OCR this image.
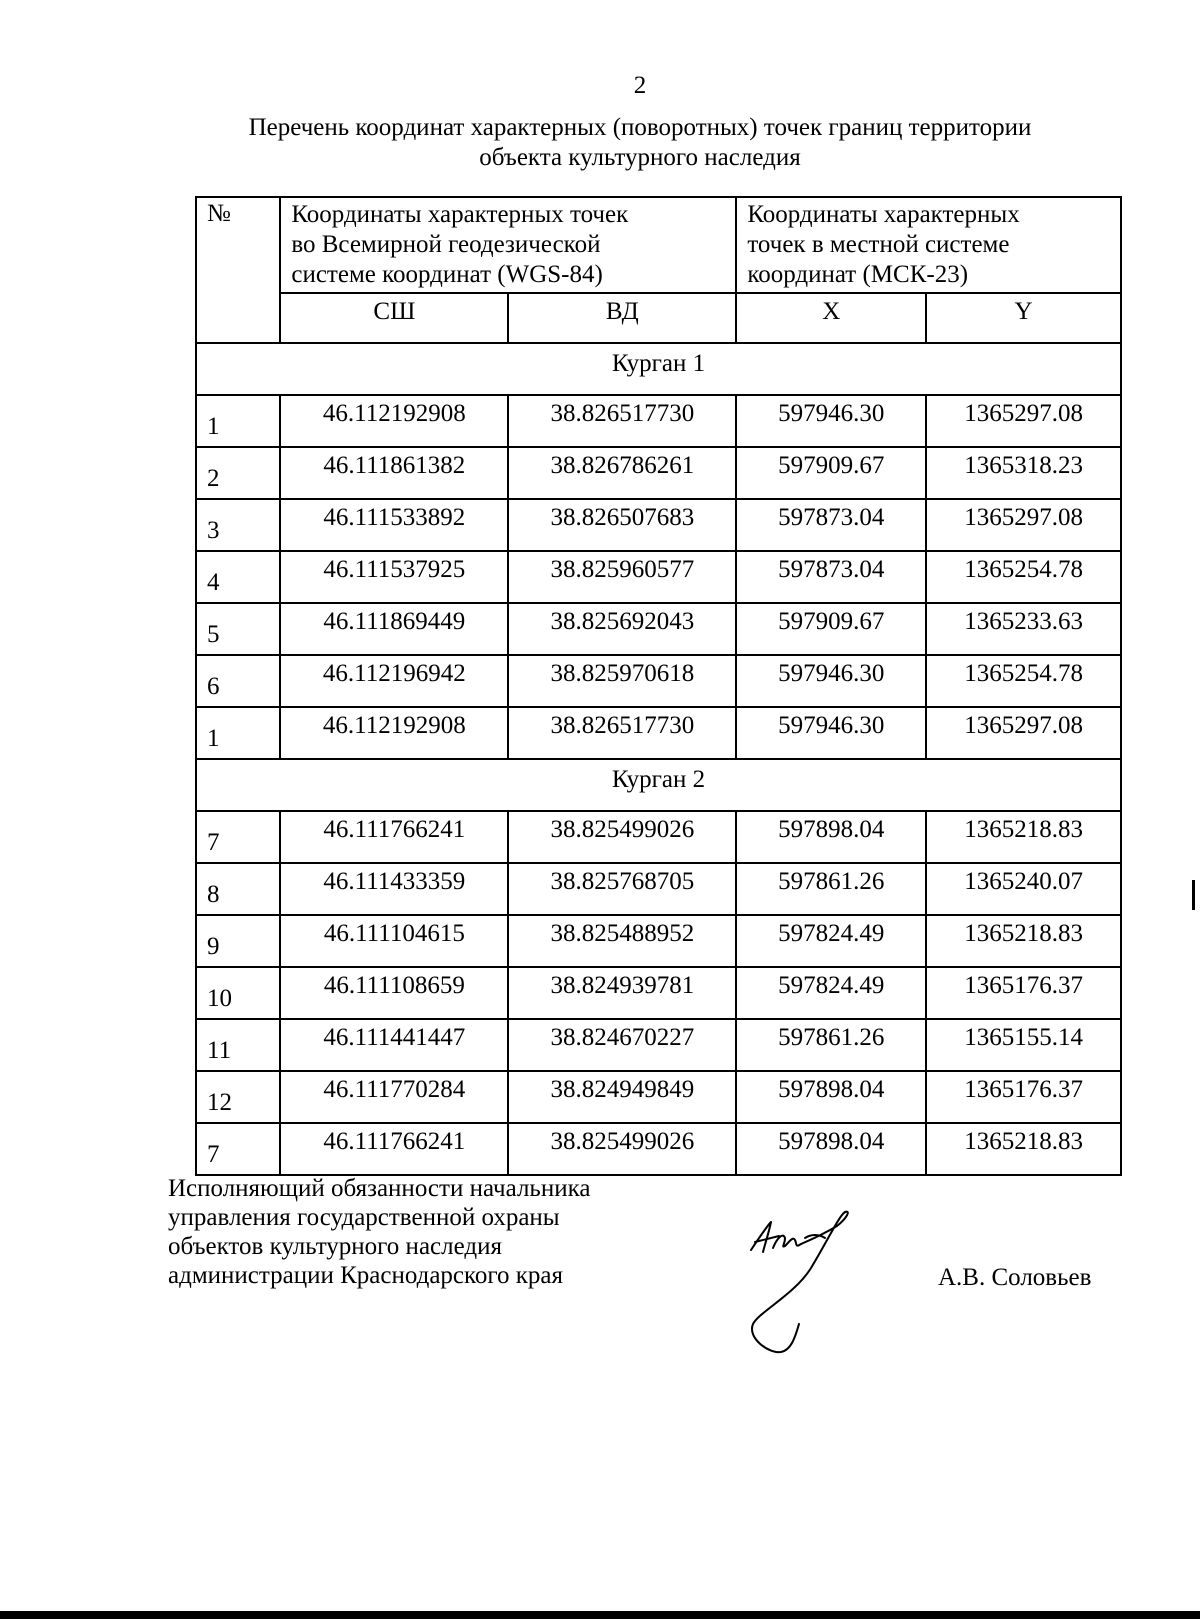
2
Перечень координат характерных (поворотных) точек границ территории
объекта культурного наследия
№	Координаты характерных точек
во Всемирной геодезической
системе координат (WGS-84)		Координаты характерных
точек в местной системе
координат (МСК-23)	

	СШ	ВД	X	Y
Курган 1				
1	46.112192908	38.826517730	597946.30	1365297.08
2	46.111861382	38.826786261	597909.67	1365318.23
3	46.111533892	38.826507683	597873.04	1365297.08
4	46.111537925	38.825960577	597873.04	1365254.78
5	46.111869449	38.825692043	597909.67	1365233.63
6	46.112196942	38.825970618	597946.30	1365254.78
1	46.112192908	38.826517730	597946.30	1365297.08
Курган 2				
7	46.111766241	38.825499026	597898.04	1365218.83
8	46.111433359	38.825768705	597861.26	1365240.07
9	46.111104615	38.825488952	597824.49	1365218.83
10	46.111108659	38.824939781	597824.49	1365176.37
11	46.111441447	38.824670227	597861.26	1365155.14
12	46.111770284	38.824949849	597898.04	1365176.37
7	46.111766241	38.825499026	597898.04	1365218.83
Исполняющий обязанности начальника
управления государственной охраны
объектов культурного наследия
администрации Краснодарского края	А.В. Соловьев
